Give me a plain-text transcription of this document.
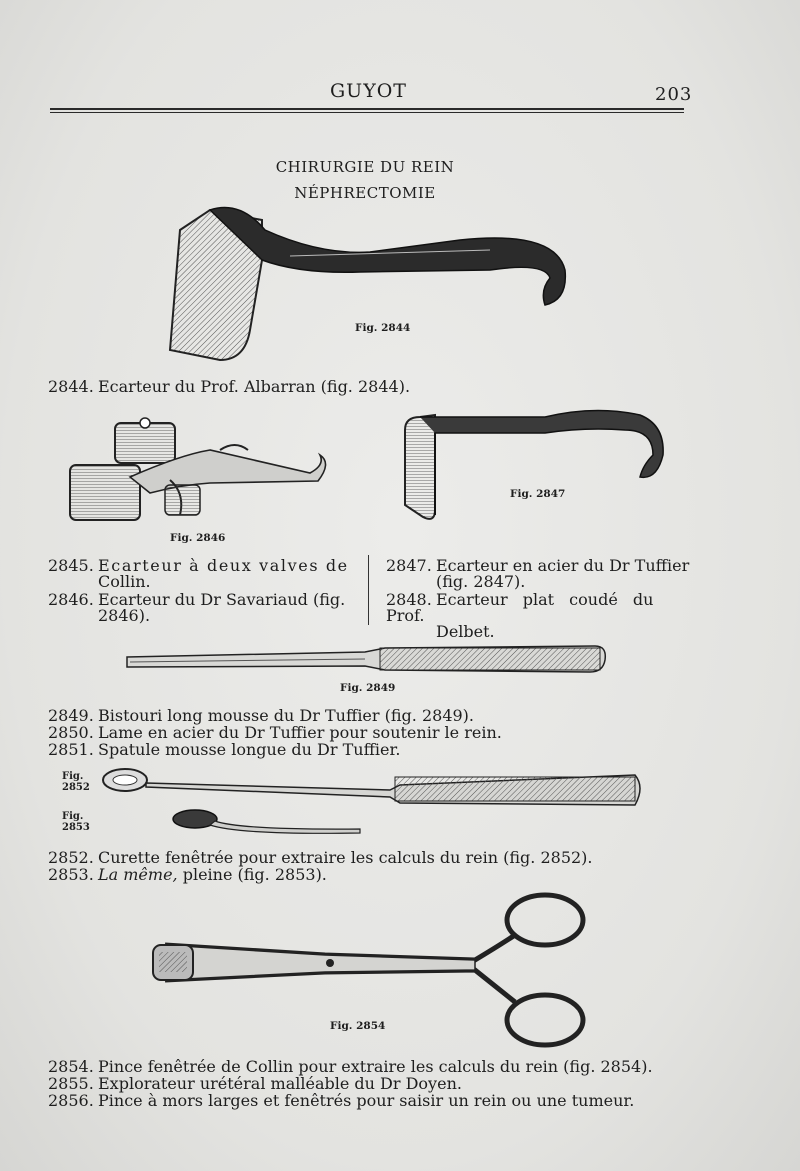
GUYOT	203
CHIRURGIE DU REIN
NÉPHRECTOMIE
Fig. 2844
2844. Ecarteur du Prof. Albarran (fig. 2844).
Fig. 2846
Fig. 2847
2845. Ecarteur à deux valves de
Collin.
2846. Ecarteur du Dr Savariaud (fig.
2846).
2847. Ecarteur en acier du Dr Tuffier
(fig. 2847).
2848. Ecarteur plat coudé du Prof.
Delbet.
Fig. 2849
2849. Bistouri long mousse du Dr Tuffier (fig. 2849).
2850. Lame en acier du Dr Tuffier pour soutenir le rein.
2851. Spatule mousse longue du Dr Tuffier.
Fig.
2852
Fig.
2853
2852. Curette fenêtrée pour extraire les calculs du rein (fig. 2852).
2853. La même, pleine (fig. 2853).
Fig. 2854
2854. Pince fenêtrée de Collin pour extraire les calculs du rein (fig. 2854).
2855. Explorateur urétéral malléable du Dr Doyen.
2856. Pince à mors larges et fenêtrés pour saisir un rein ou une tumeur.
